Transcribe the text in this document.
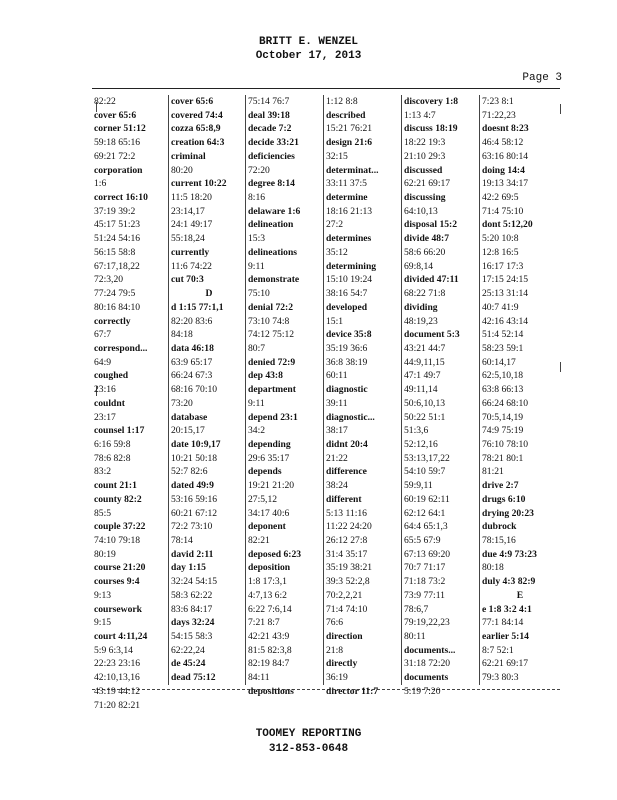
BRITT E. WENZEL
October 17, 2013
Page 3
82:22
cover 65:6
corner 51:12
59:18 65:16
69:21 72:2
corporation
1:6
correct 16:10
37:19 39:2
45:17 51:23
51:24 54:16
56:15 58:8
67:17,18,22
72:3,20
77:24 79:5
80:16 84:10
correctly
67:7
correspond...
64:9
coughed
23:16
couldnt
23:17
counsel 1:17
6:16 59:8
78:6 82:8
83:2
count 21:1
county 82:2
85:5
couple 37:22
74:10 79:18
80:19
course 21:20
courses 9:4
9:13
coursework
9:15
court 4:11,24
5:9 6:3,14
22:23 23:16
42:10,13,16
43:19 44:12
71:20 82:21
cover 65:6
covered 74:4
cozza 65:8,9
creation 64:3
criminal
80:20
current 10:22
11:5 18:20
23:14,17
24:1 49:17
55:18,24
currently
11:6 74:22
cut 70:3
D
d 1:15 77:1,1
82:20 83:6
84:18
data 46:18
63:9 65:17
66:24 67:3
68:16 70:10
73:20
database
20:15,17
date 10:9,17
10:21 50:18
52:7 82:6
dated 49:9
53:16 59:16
60:21 67:12
72:2 73:10
78:14
david 2:11
day 1:15
32:24 54:15
58:3 62:22
83:6 84:17
days 32:24
54:15 58:3
62:22,24
de 45:24
dead 75:12
75:14 76:7
deal 39:18
decade 7:2
decide 33:21
deficiencies
72:20
degree 8:14
8:16
delaware 1:6
delineation
15:3
delineations
9:11
demonstrate
75:10
denial 72:2
73:10 74:8
74:12 75:12
80:7
denied 72:9
dep 43:8
department
9:11
depend 23:1
34:2
depending
29:6 35:17
depends
19:21 21:20
27:5,12
34:17 40:6
deponent
82:21
deposed 6:23
deposition
1:8 17:3,1
4:7,13 6:2
6:22 7:6,14
7:21 8:7
42:21 43:9
81:5 82:3,8
82:19 84:7
84:11
depositions
1:12 8:8
described
15:21 76:21
design 21:6
32:15
determinat...
33:11 37:5
determine
18:16 21:13
27:2
determines
35:12
determining
15:10 19:24
38:16 54:7
developed
15:1
device 35:8
35:19 36:6
36:8 38:19
60:11
diagnostic
39:11
diagnostic...
38:17
didnt 20:4
21:22
difference
38:24
different
5:13 11:16
11:22 24:20
26:12 27:8
31:4 35:17
35:19 38:21
39:3 52:2,8
70:2,2,21
71:4 74:10
76:6
direction
21:8
directly
36:19
director 11:7
discovery 1:8
1:13 4:7
discuss 18:19
18:22 19:3
21:10 29:3
discussed
62:21 69:17
discussing
64:10,13
disposal 15:2
divide 48:7
58:6 66:20
69:8,14
divided 47:11
68:22 71:8
dividing
48:19,23
document 5:3
43:21 44:7
44:9,11,15
47:1 49:7
49:11,14
50:6,10,13
50:22 51:1
51:3,6
52:12,16
53:13,17,22
54:10 59:7
59:9,11
60:19 62:11
62:12 64:1
64:4 65:1,3
65:5 67:9
67:13 69:20
70:7 71:17
71:18 73:2
73:9 77:11
78:6,7
79:19,22,23
80:11
documents...
31:18 72:20
documents
5:19 7:20
7:23 8:1
71:22,23
doesnt 8:23
46:4 58:12
63:16 80:14
doing 14:4
19:13 34:17
42:2 69:5
71:4 75:10
dont 5:12,20
5:20 10:8
12:8 16:5
16:17 17:3
17:15 24:15
25:13 31:14
40:7 41:9
42:16 43:14
51:4 52:14
58:23 59:1
60:14,17
62:5,10,18
63:8 66:13
66:24 68:10
70:5,14,19
74:9 75:19
76:10 78:10
78:21 80:1
81:21
drive 2:7
drugs 6:10
drying 20:23
dubrock
78:15,16
due 4:9 73:23
80:18
duly 4:3 82:9
E
e 1:8 3:2 4:1
77:1 84:14
earlier 5:14
8:7 52:1
62:21 69:17
79:3 80:3
TOOMEY REPORTING
312-853-0648
